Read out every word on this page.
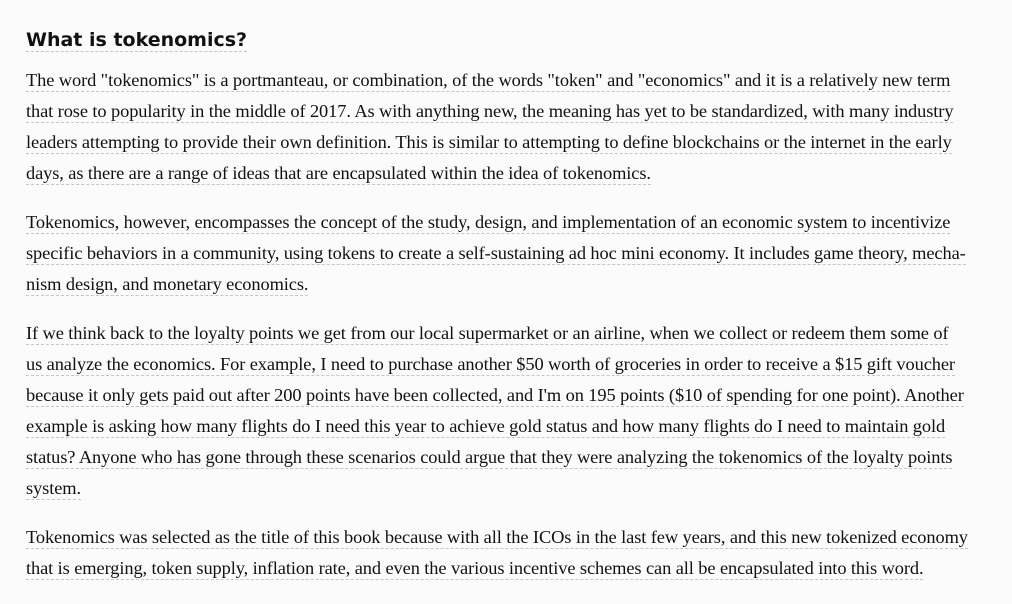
What is tokenomics?

The word "tokenomics" is a portmanteau, or combination, of the words "token" and "economics" and it is a relatively new term
that rose to popularity in the middle of 2017. As with anything new, the meaning has yet to be standardized, with many industry
leaders attempting to provide their own definition. This is similar to attempting to define blockchains or the internet in the early
days, as there are a range of ideas that are encapsulated within the idea of tokenomics.

Tokenomics, however, encompasses the concept of the study, design, and implementation of an economic system to incentivize
specific behaviors in a community, using tokens to create a self-sustaining ad hoc mini economy. It includes game theory, mecha-
nism design, and monetary economics.

If we think back to the loyalty points we get from our local supermarket or an airline, when we collect or redeem them some of
us analyze the economics. For example, I need to purchase another $50 worth of groceries in order to receive a $15 gift voucher
because it only gets paid out after 200 points have been collected, and I'm on 195 points ($10 of spending for one point). Another
example is asking how many flights do I need this year to achieve gold status and how many flights do I need to maintain gold
status? Anyone who has gone through these scenarios could argue that they were analyzing the tokenomics of the loyalty points
system.

Tokenomics was selected as the title of this book because with all the ICOs in the last few years, and this new tokenized economy
that is emerging, token supply, inflation rate, and even the various incentive schemes can all be encapsulated into this word.
